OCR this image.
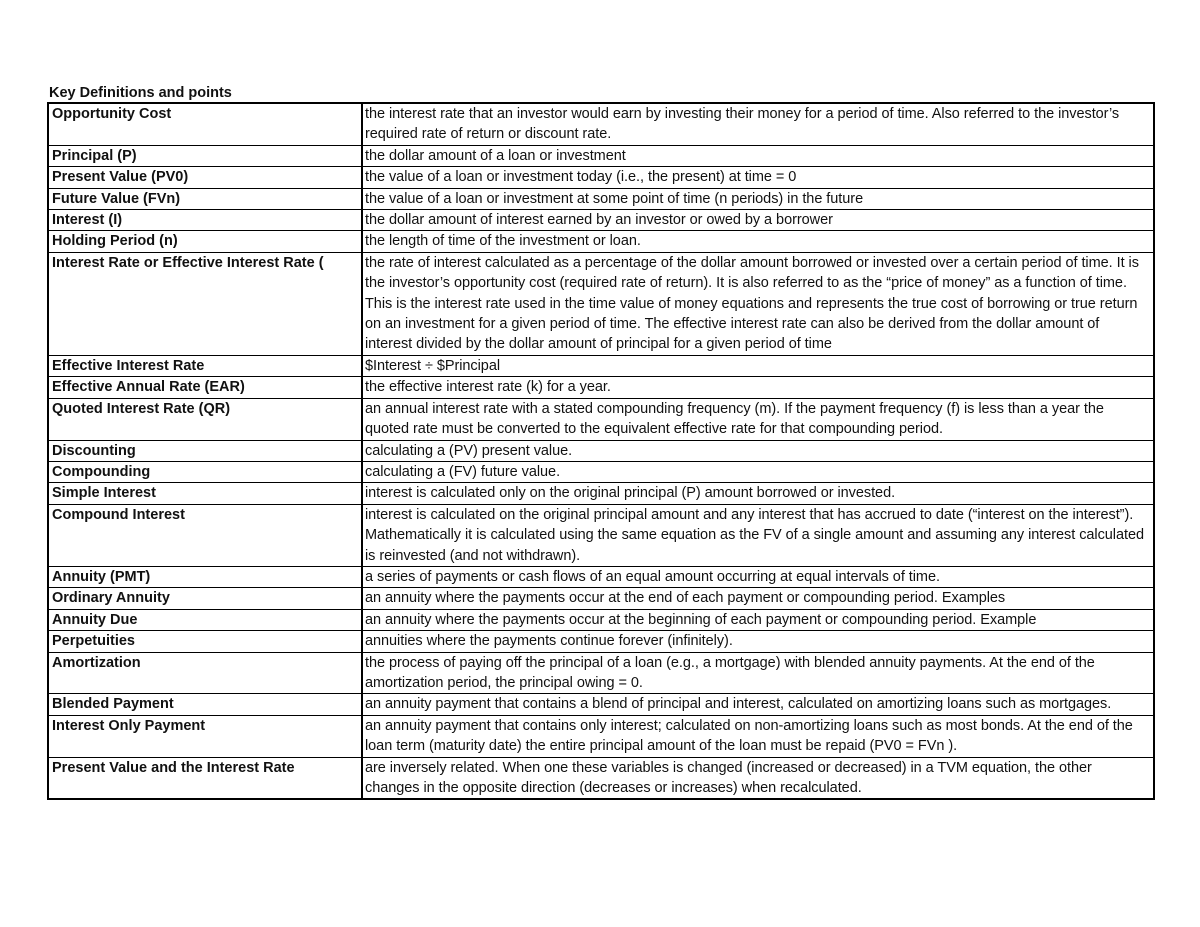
Key Definitions and points
Opportunity Cost	the interest rate that an investor would earn by investing their money for a period of time. Also referred to the investor’s required rate of return or discount rate.
Principal (P)	the dollar amount of a loan or investment
Present Value (PV0)	the value of a loan or investment today (i.e., the present) at time = 0
Future Value (FVn)	the value of a loan or investment at some point of time (n periods) in the future
Interest (I)	the dollar amount of interest earned by an investor or owed by a borrower
Holding Period (n)	the length of time of the investment or loan.
Interest Rate or Effective Interest Rate (	the rate of interest calculated as a percentage of the dollar amount borrowed or invested over a certain period of time. It is the investor’s opportunity cost (required rate of return). It is also referred to as the “price of money” as a function of time. This is the interest rate used in the time value of money equations and represents the true cost of borrowing or true return on an investment for a given period of time. The effective interest rate can also be derived from the dollar amount of interest divided by the dollar amount of principal for a given period of time
Effective Interest Rate	$Interest ÷ $Principal
Effective Annual Rate (EAR)	the effective interest rate (k) for a year.
Quoted Interest Rate (QR)	an annual interest rate with a stated compounding frequency (m). If the payment frequency (f) is less than a year the quoted rate must be converted to the equivalent effective rate for that compounding period.
Discounting	calculating a (PV) present value.
Compounding	calculating a (FV) future value.
Simple Interest	interest is calculated only on the original principal (P) amount borrowed or invested.
Compound Interest	interest is calculated on the original principal amount and any interest that has accrued to date (“interest on the interest”). Mathematically it is calculated using the same equation as the FV of a single amount and assuming any interest calculated is reinvested (and not withdrawn).
Annuity (PMT)	a series of payments or cash flows of an equal amount occurring at equal intervals of time.
Ordinary Annuity	an annuity where the payments occur at the end of each payment or compounding period. Examples
Annuity Due	an annuity where the payments occur at the beginning of each payment or compounding period. Example
Perpetuities	annuities where the payments continue forever (infinitely).
Amortization	the process of paying off the principal of a loan (e.g., a mortgage) with blended annuity payments. At the end of the amortization period, the principal owing = 0.
Blended Payment	an annuity payment that contains a blend of principal and interest, calculated on amortizing loans such as mortgages.
Interest Only Payment	an annuity payment that contains only interest; calculated on non-amortizing loans such as most bonds. At the end of the loan term (maturity date) the entire principal amount of the loan must be repaid (PV0 = FVn ).
Present Value and the Interest Rate	are inversely related. When one these variables is changed (increased or decreased) in a TVM equation, the other changes in the opposite direction (decreases or increases) when recalculated.
